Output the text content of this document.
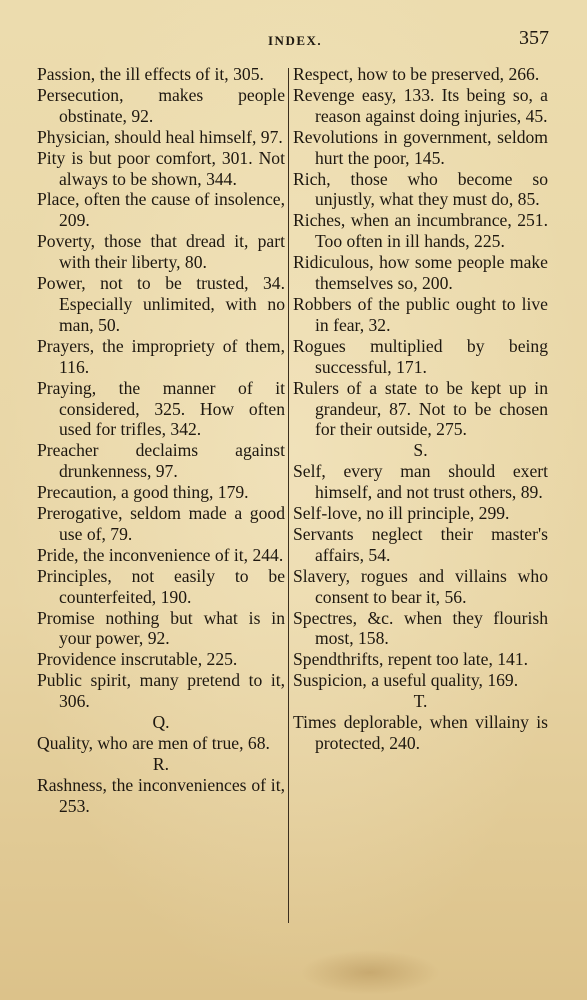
INDEX.	357
Passion, the ill effects of it, 305.
Persecution, makes people obstinate, 92.
Physician, should heal himself, 97.
Pity is but poor comfort, 301. Not always to be shown, 344.
Place, often the cause of insolence, 209.
Poverty, those that dread it, part with their liberty, 80.
Power, not to be trusted, 34. Especially unlimited, with no man, 50.
Prayers, the impropriety of them, 116.
Praying, the manner of it considered, 325. How often used for trifles, 342.
Preacher declaims against drunkenness, 97.
Precaution, a good thing, 179.
Prerogative, seldom made a good use of, 79.
Pride, the inconvenience of it, 244.
Principles, not easily to be counterfeited, 190.
Promise nothing but what is in your power, 92.
Providence inscrutable, 225.
Public spirit, many pretend to it, 306.
Q.
Quality, who are men of true, 68.
R.
Rashness, the inconveniences of it, 253.
Respect, how to be preserved, 266.
Revenge easy, 133. Its being so, a reason against doing injuries, 45.
Revolutions in government, seldom hurt the poor, 145.
Rich, those who become so unjustly, what they must do, 85.
Riches, when an incumbrance, 251. Too often in ill hands, 225.
Ridiculous, how some people make themselves so, 200.
Robbers of the public ought to live in fear, 32.
Rogues multiplied by being successful, 171.
Rulers of a state to be kept up in grandeur, 87. Not to be chosen for their outside, 275.
S.
Self, every man should exert himself, and not trust others, 89.
Self-love, no ill principle, 299.
Servants neglect their master's affairs, 54.
Slavery, rogues and villains who consent to bear it, 56.
Spectres, &c. when they flourish most, 158.
Spendthrifts, repent too late, 141.
Suspicion, a useful quality, 169.
T.
Times deplorable, when villainy is protected, 240.
